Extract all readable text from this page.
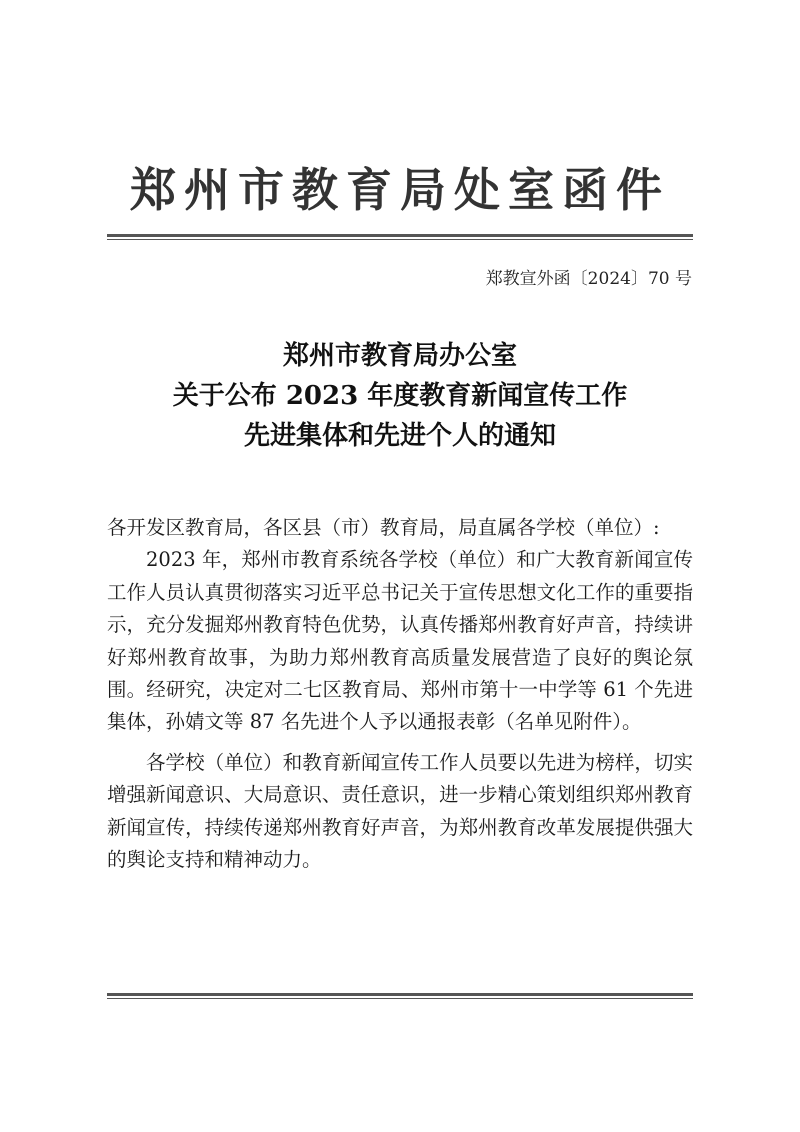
郑州市教育局处室函件
郑教宣外函〔2024〕70 号
郑州市教育局办公室
关于公布 2023 年度教育新闻宣传工作
先进集体和先进个人的通知

各开发区教育局，各区县（市）教育局，局直属各学校（单位）:

2023 年，郑州市教育系统各学校（单位）和广大教育新闻宣传工作人员认真贯彻落实习近平总书记关于宣传思想文化工作的重要指示，充分发掘郑州教育特色优势，认真传播郑州教育好声音，持续讲好郑州教育故事，为助力郑州教育高质量发展营造了良好的舆论氛围。经研究，决定对二七区教育局、郑州市第十一中学等 61 个先进集体，孙婧文等 87 名先进个人予以通报表彰（名单见附件）。

各学校（单位）和教育新闻宣传工作人员要以先进为榜样，切实增强新闻意识、大局意识、责任意识，进一步精心策划组织郑州教育新闻宣传，持续传递郑州教育好声音，为郑州教育改革发展提供强大的舆论支持和精神动力。
